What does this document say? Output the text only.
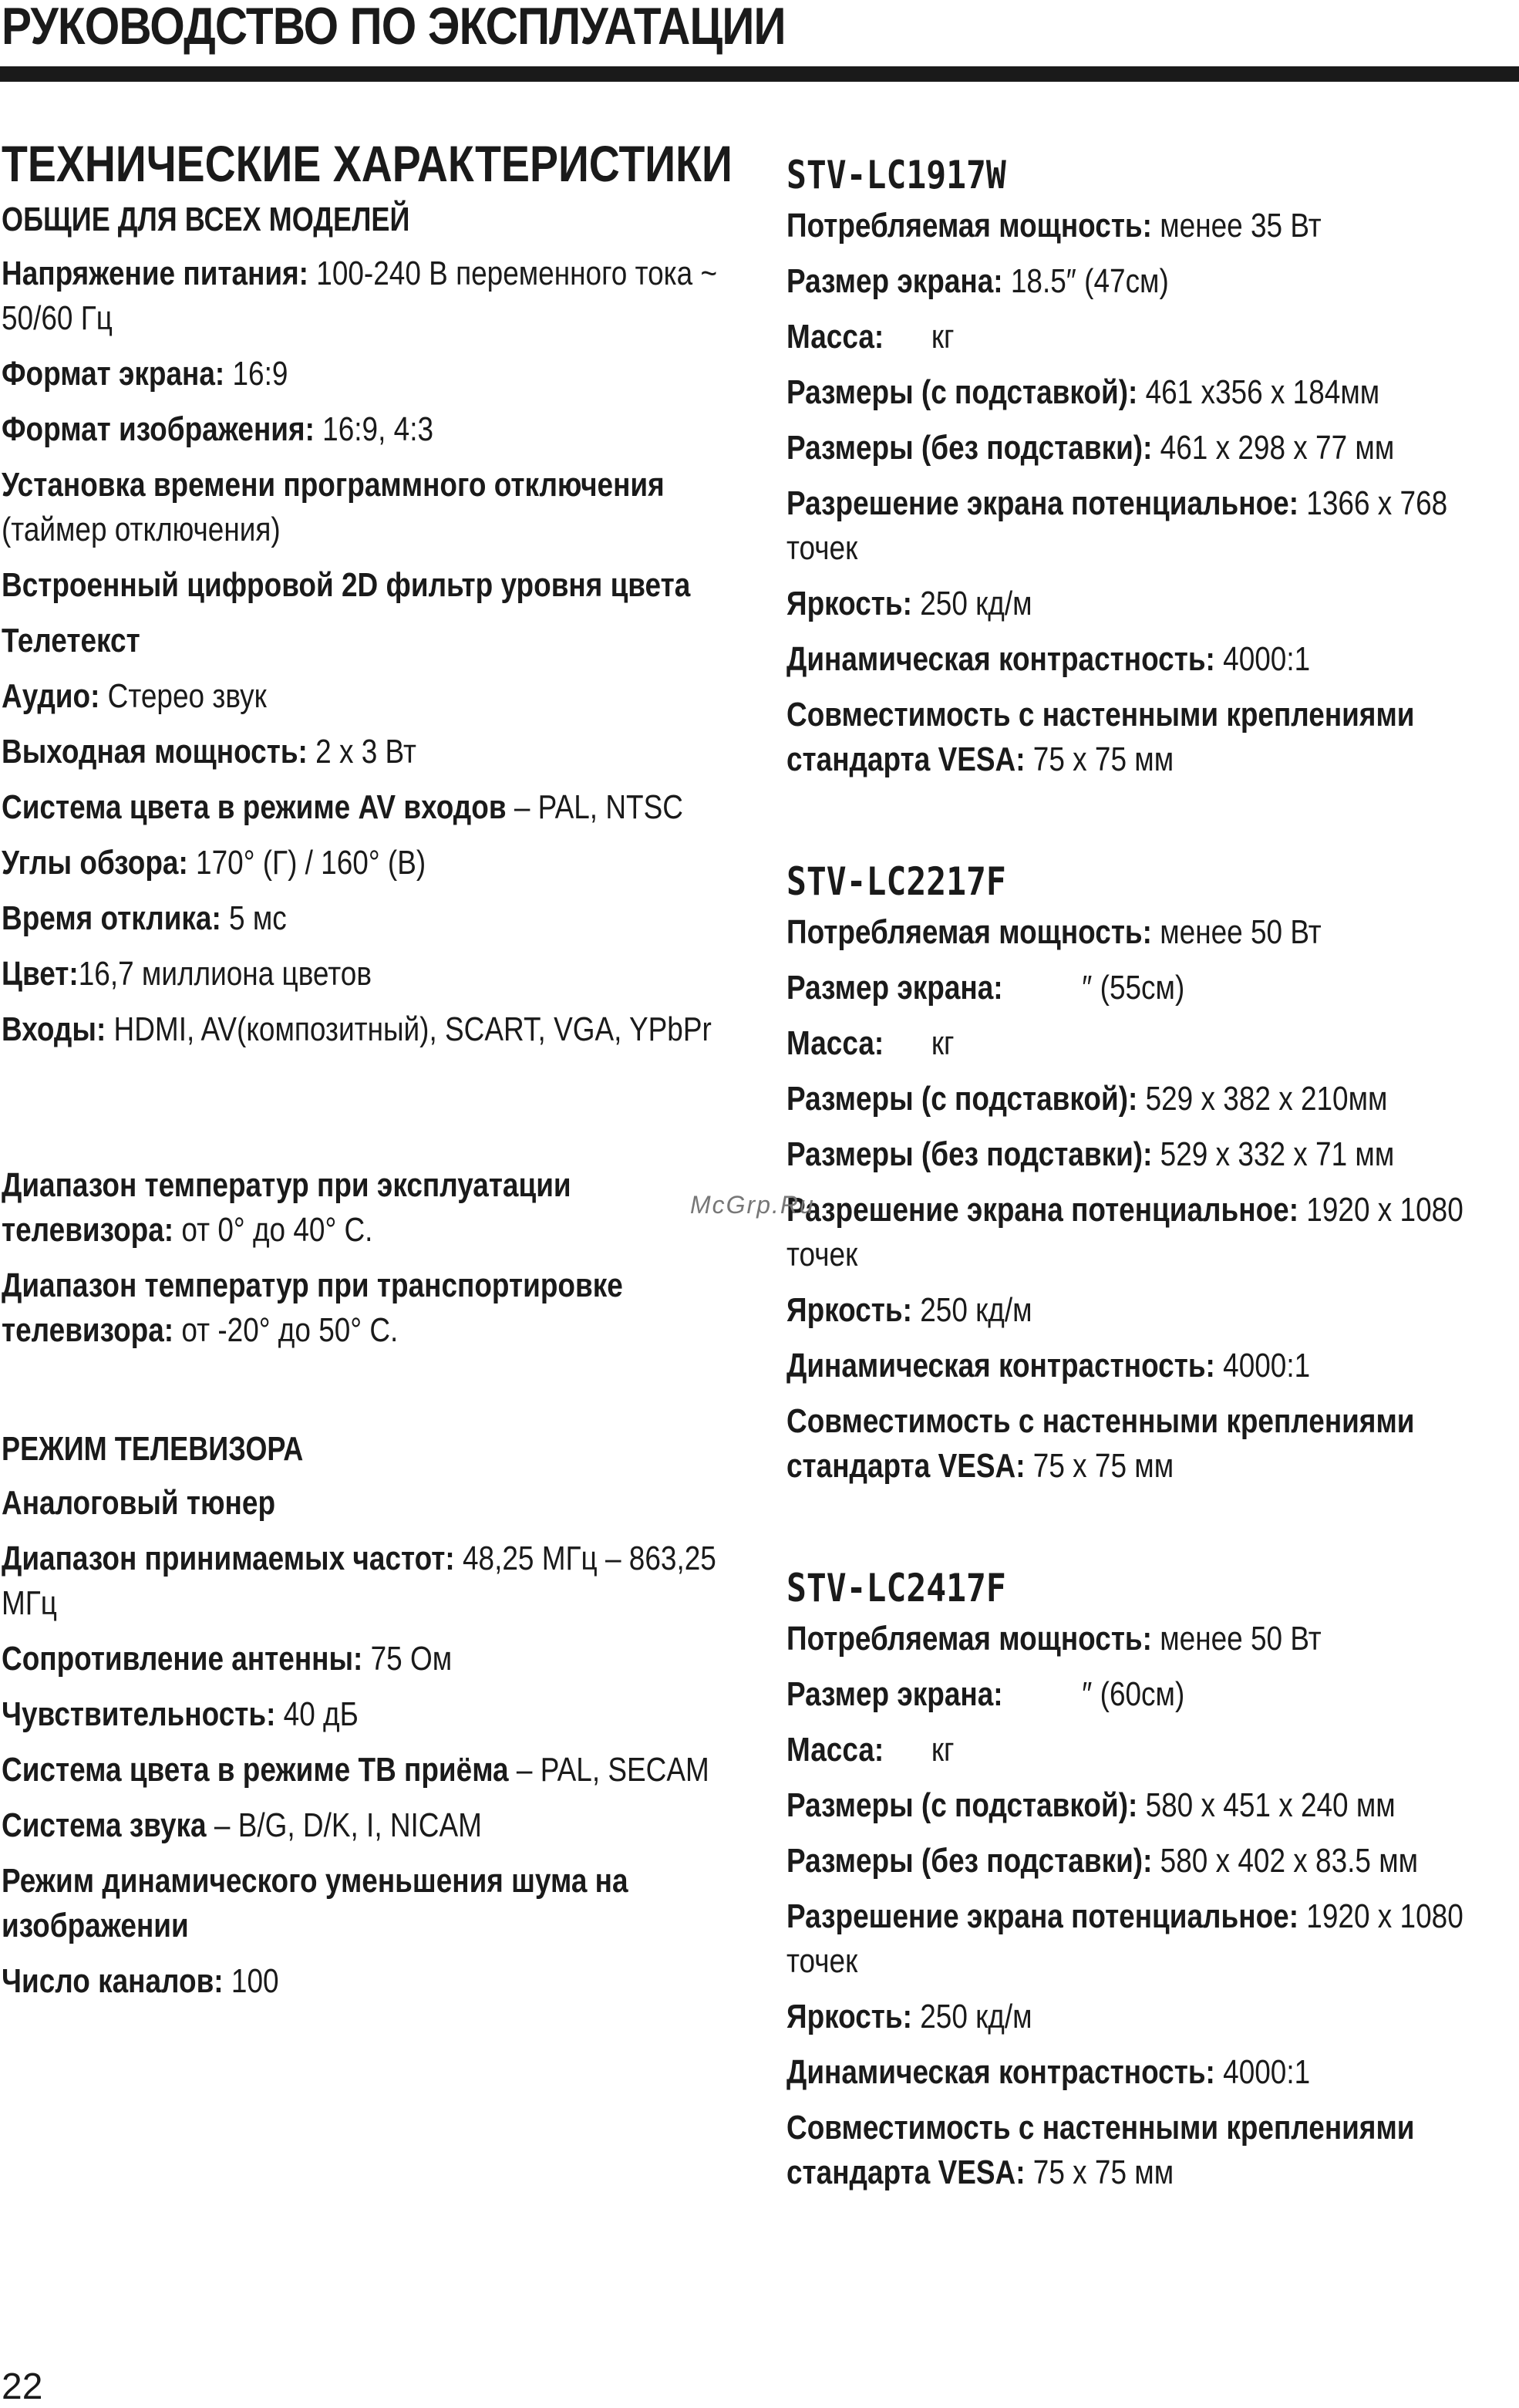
РУКОВОДСТВО ПО ЭКСПЛУАТАЦИИ
ТЕХНИЧЕСКИЕ ХАРАКТЕРИСТИКИ
ОБЩИЕ ДЛЯ ВСЕХ МОДЕЛЕЙ
Напряжение питания: 100-240 В переменного тока ~ 50/60 Гц
Формат экрана: 16:9
Формат изображения: 16:9, 4:3
Установка времени программного отключения (таймер отключения)
Встроенный цифровой 2D фильтр уровня цвета
Телетекст
Аудио: Стерео звук
Выходная мощность: 2 х 3 Вт
Система цвета в режиме AV входов – PAL, NTSC
Углы обзора: 170° (Г) / 160° (В)
Время отклика: 5 мс
Цвет:16,7 миллиона цветов
Входы: HDMI, AV(композитный), SCART, VGA, YPbPr
Диапазон температур при эксплуатации телевизора: от 0° до 40° С.
Диапазон температур при транспортировке телевизора: от -20° до 50° С.
РЕЖИМ ТЕЛЕВИЗОРА
Аналоговый тюнер
Диапазон принимаемых частот: 48,25 МГц – 863,25 МГц
Сопротивление антенны: 75 Ом
Чувствительность: 40 дБ
Система цвета в режиме ТВ приёма – PAL, SECAM
Система звука – B/G, D/K, I, NICAM
Режим динамического уменьшения шума на изображении
Число каналов: 100
STV-LC1917W
Потребляемая мощность: менее 35 Вт
Размер экрана: 18.5″ (47см)
Масса:      кг
Размеры (с подставкой): 461 х356 х 184мм
Размеры (без подставки): 461 х 298 х 77 мм
Разрешение экрана потенциальное: 1366 х 768 точек
Яркость: 250 кд/м
Динамическая контрастность: 4000:1
Совместимость с настенными креплениями стандарта VESA: 75 х 75 мм
STV-LC2217F
Потребляемая мощность: менее 50 Вт
Размер экрана:          ″ (55см)
Масса:      кг
Размеры (с подставкой): 529 х 382 х 210мм
Размеры (без подставки): 529 х 332 х 71 мм
Разрешение экрана потенциальное: 1920 х 1080 точек
Яркость: 250 кд/м
Динамическая контрастность: 4000:1
Совместимость с настенными креплениями стандарта VESA: 75 х 75 мм
STV-LC2417F
Потребляемая мощность: менее 50 Вт
Размер экрана:          ″ (60см)
Масса:      кг
Размеры (с подставкой): 580 х 451 х 240 мм
Размеры (без подставки): 580 х 402 х 83.5 мм
Разрешение экрана потенциальное: 1920 х 1080 точек
Яркость: 250 кд/м
Динамическая контрастность: 4000:1
Совместимость с настенными креплениями стандарта VESA: 75 х 75 мм
McGrp.Ru
22
